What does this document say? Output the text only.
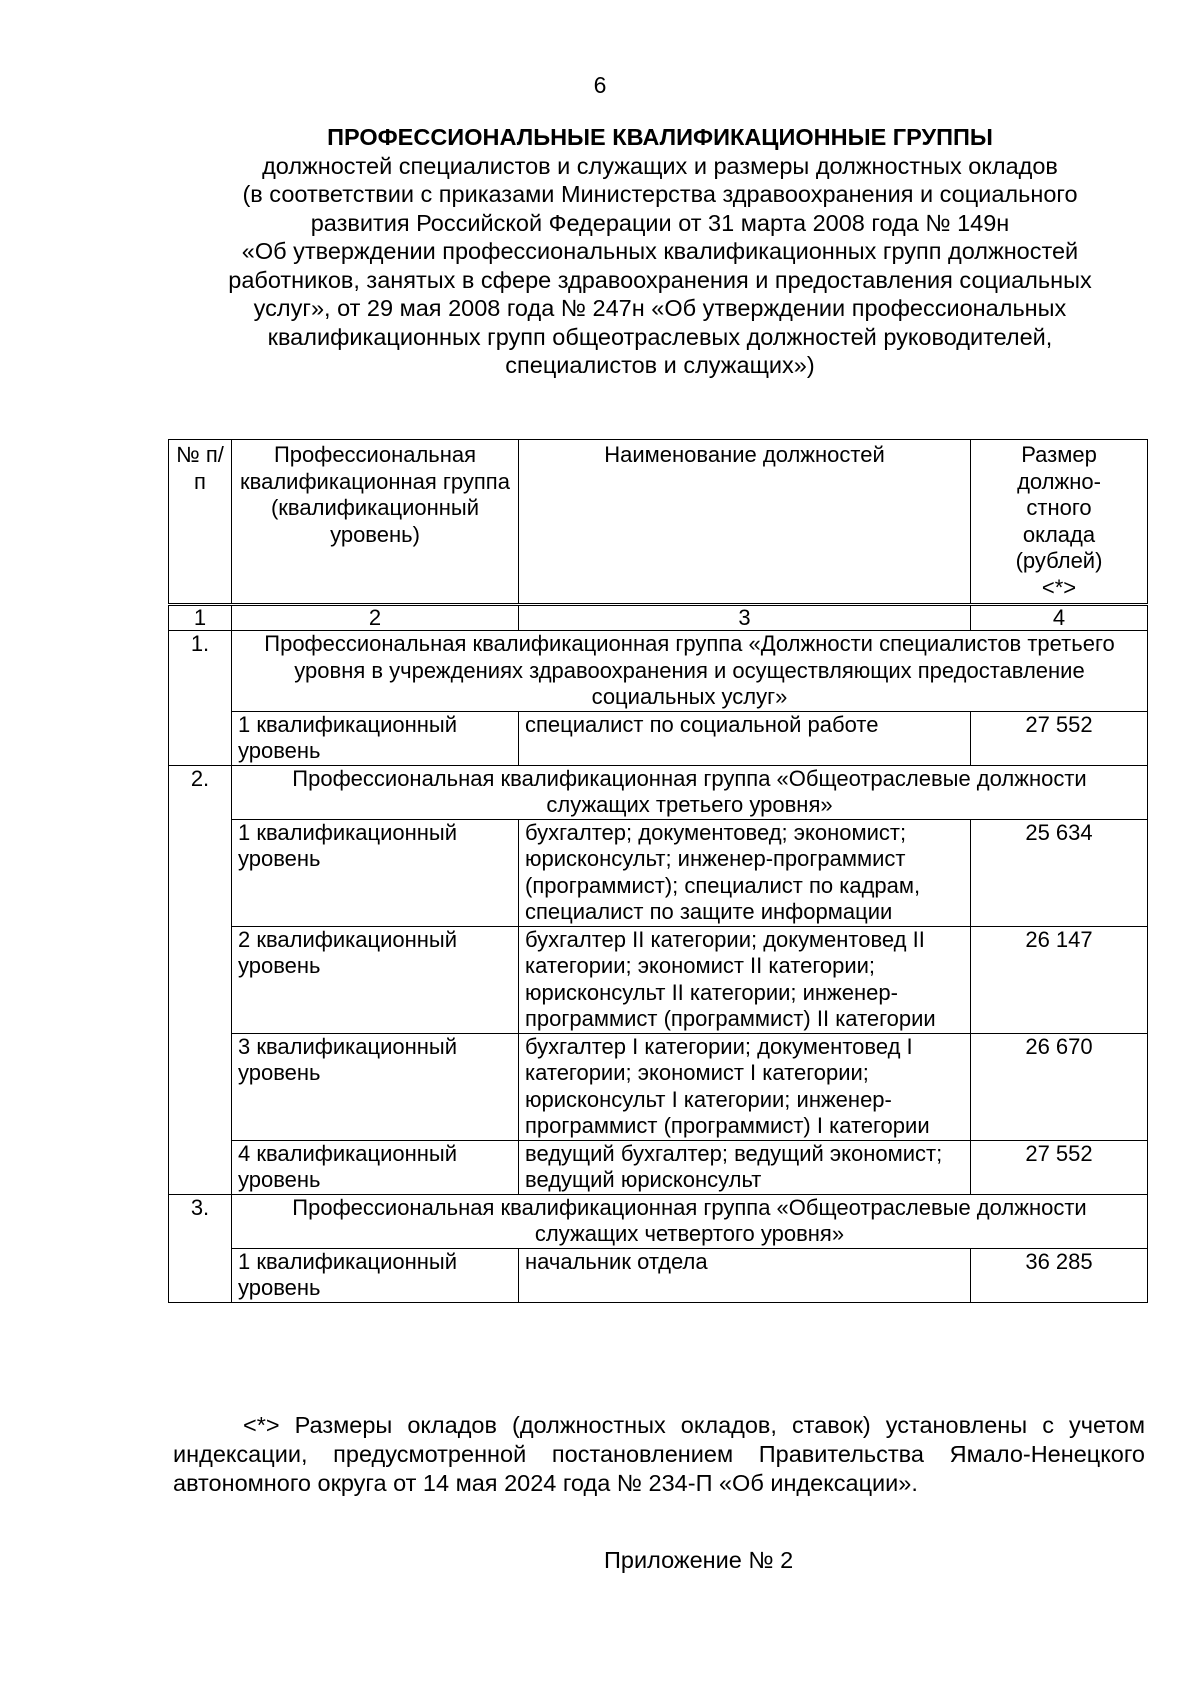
6
ПРОФЕССИОНАЛЬНЫЕ КВАЛИФИКАЦИОННЫЕ ГРУППЫ
должностей специалистов и служащих и размеры должностных окладов
(в соответствии с приказами Министерства здравоохранения и социального
развития Российской Федерации от 31 марта 2008 года № 149н
«Об утверждении профессиональных квалификационных групп должностей
работников, занятых в сфере здравоохранения и предоставления социальных
услуг», от 29 мая 2008 года № 247н «Об утверждении профессиональных
квалификационных групп общеотраслевых должностей руководителей,
специалистов и служащих»)
№ п/п	Профессиональная квалификационная группа (квалификационный уровень)	Наименование должностей	Размер должно-стного оклада (рублей) <*>
1	2	3	4
1.	Профессиональная квалификационная группа «Должности специалистов третьего уровня в учреждениях здравоохранения и осуществляющих предоставление социальных услуг»		
	1 квалификационный уровень	специалист по социальной работе	27 552
2.	Профессиональная квалификационная группа «Общеотраслевые должности служащих третьего уровня»		
	1 квалификационный уровень	бухгалтер; документовед; экономист; юрисконсульт; инженер-программист (программист); специалист по кадрам, специалист по защите информации	25 634
	2 квалификационный уровень	бухгалтер II категории; документовед II категории; экономист II категории; юрисконсульт II категории; инженер-программист (программист) II категории	26 147
	3 квалификационный уровень	бухгалтер I категории; документовед I категории; экономист I категории; юрисконсульт I категории; инженер-программист (программист) I категории	26 670
	4 квалификационный уровень	ведущий бухгалтер; ведущий экономист; ведущий юрисконсульт	27 552
3.	Профессиональная квалификационная группа «Общеотраслевые должности служащих четвертого уровня»		
	1 квалификационный уровень	начальник отдела	36 285
<*> Размеры окладов (должностных окладов, ставок) установлены с учетом индексации, предусмотренной постановлением Правительства Ямало-Ненецкого автономного округа от 14 мая 2024 года № 234-П «Об индексации».
Приложение № 2
